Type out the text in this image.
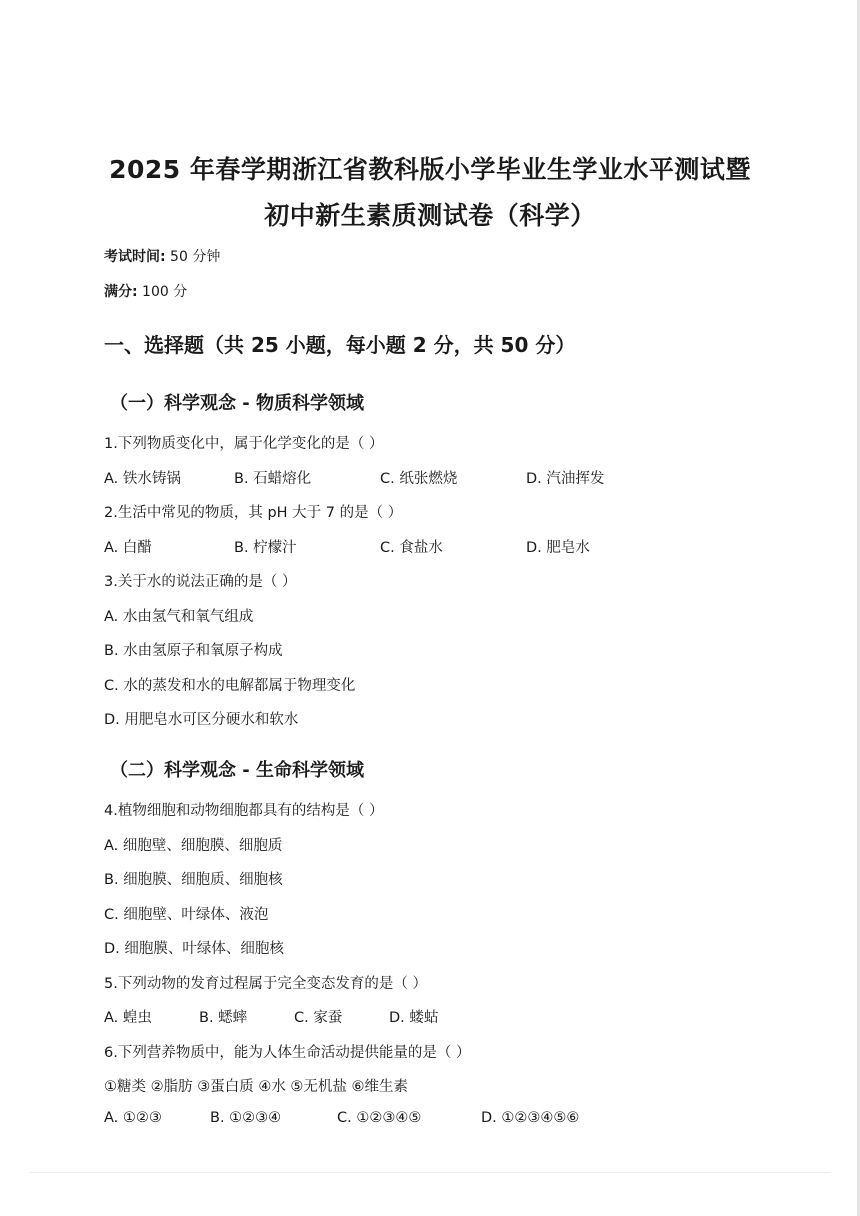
2025 年春学期浙江省教科版小学毕业生学业水平测试暨
初中新生素质测试卷（科学）
考试时间: 50 分钟
满分: 100 分
一、选择题（共 25 小题，每小题 2 分，共 50 分）
（一）科学观念 - 物质科学领域
1.下列物质变化中，属于化学变化的是（ ）
A. 铁水铸锅	B. 石蜡熔化	C. 纸张燃烧	D. 汽油挥发
2.生活中常见的物质，其 pH 大于 7 的是（ ）
A. 白醋	B. 柠檬汁	C. 食盐水	D. 肥皂水
3.关于水的说法正确的是（ ）
A. 水由氢气和氧气组成
B. 水由氢原子和氧原子构成
C. 水的蒸发和水的电解都属于物理变化
D. 用肥皂水可区分硬水和软水
（二）科学观念 - 生命科学领域
4.植物细胞和动物细胞都具有的结构是（ ）
A. 细胞壁、细胞膜、细胞质
B. 细胞膜、细胞质、细胞核
C. 细胞壁、叶绿体、液泡
D. 细胞膜、叶绿体、细胞核
5.下列动物的发育过程属于完全变态发育的是（ ）
A. 蝗虫	B. 蟋蟀	C. 家蚕	D. 蝼蛄
6.下列营养物质中，能为人体生命活动提供能量的是（ ）
①糖类 ②脂肪 ③蛋白质 ④水 ⑤无机盐 ⑥维生素
A. ①②③	B. ①②③④	C. ①②③④⑤	D. ①②③④⑤⑥
